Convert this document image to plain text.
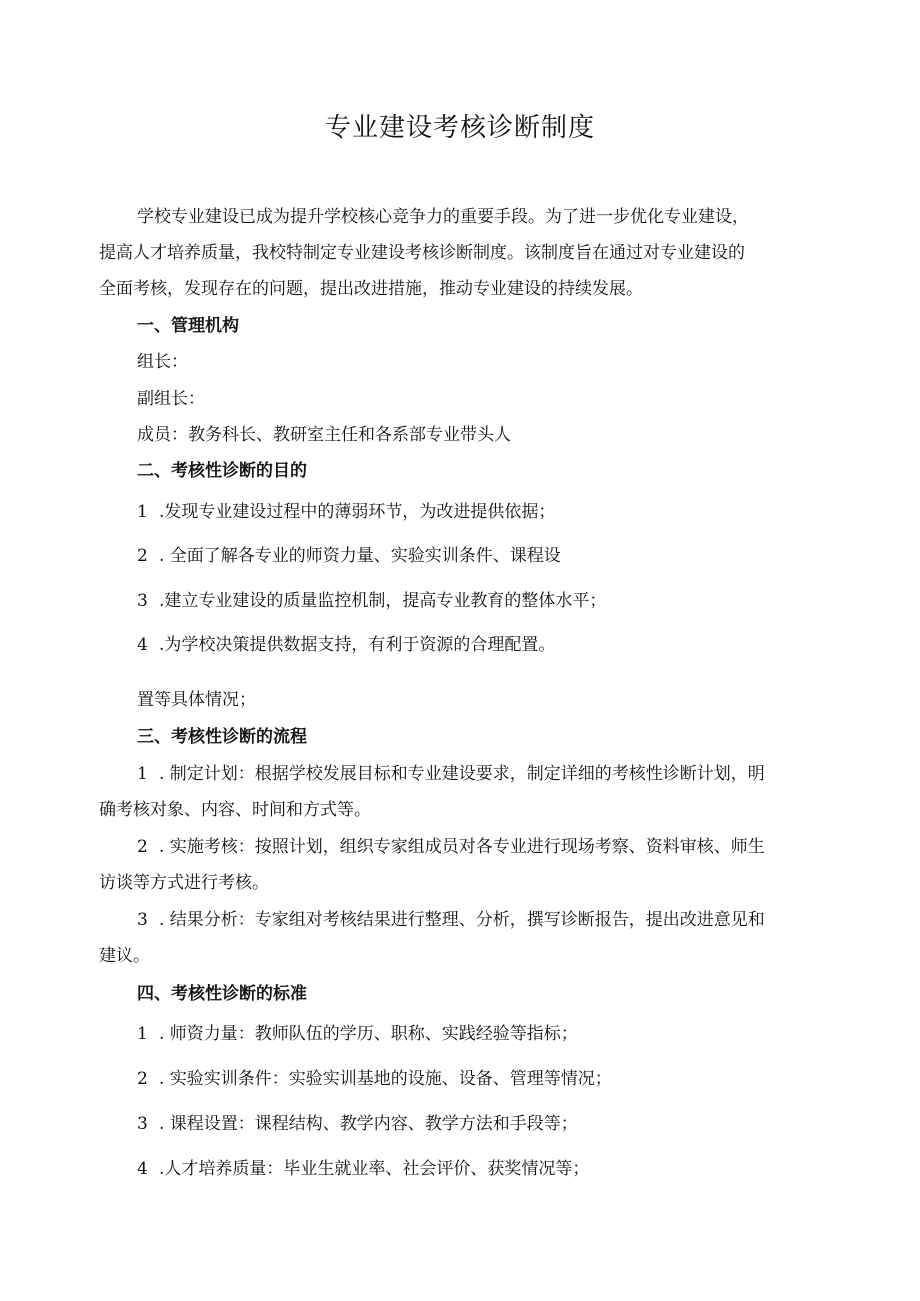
专业建设考核诊断制度
学校专业建设已成为提升学校核心竞争力的重要手段。为了进一步优化专业建设，
提高人才培养质量，我校特制定专业建设考核诊断制度。该制度旨在通过对专业建设的
全面考核，发现存在的问题，提出改进措施，推动专业建设的持续发展。
一、管理机构
组长：
副组长：
成员：教务科长、教研室主任和各系部专业带头人
二、考核性诊断的目的
1 .发现专业建设过程中的薄弱环节，为改进提供依据；
2 . 全面了解各专业的师资力量、实验实训条件、课程设
3 .建立专业建设的质量监控机制，提高专业教育的整体水平；
4 .为学校决策提供数据支持，有利于资源的合理配置。
置等具体情况；
三、考核性诊断的流程
1 . 制定计划：根据学校发展目标和专业建设要求，制定详细的考核性诊断计划，明
确考核对象、内容、时间和方式等。
2 . 实施考核：按照计划，组织专家组成员对各专业进行现场考察、资料审核、师生
访谈等方式进行考核。
3 . 结果分析：专家组对考核结果进行整理、分析，撰写诊断报告，提出改进意见和
建议。
四、考核性诊断的标准
1 . 师资力量：教师队伍的学历、职称、实践经验等指标；
2 . 实验实训条件：实验实训基地的设施、设备、管理等情况；
3 . 课程设置：课程结构、教学内容、教学方法和手段等；
4 .人才培养质量：毕业生就业率、社会评价、获奖情况等；
